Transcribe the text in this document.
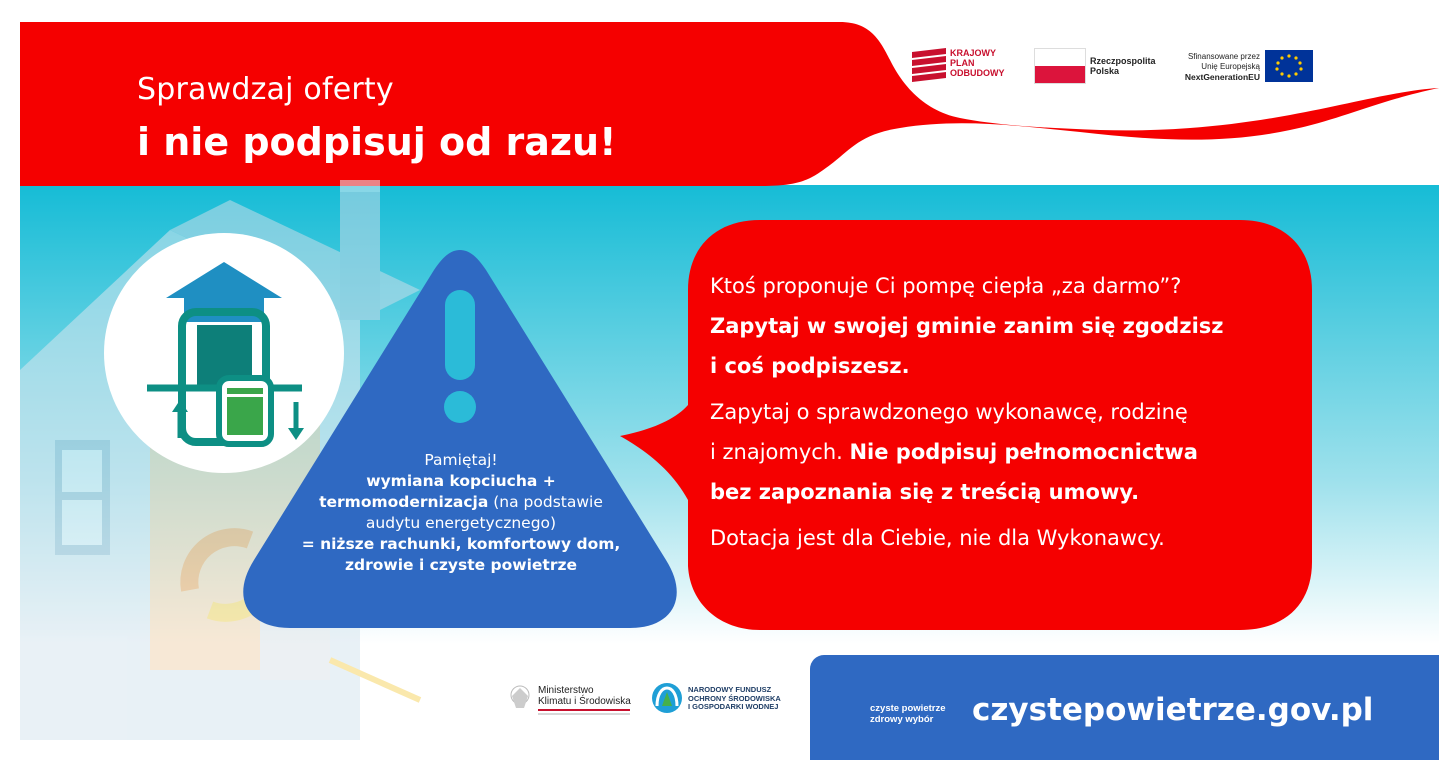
Sprawdzaj oferty
i nie podpisuj od razu!
KRAJOWY
PLAN
ODBUDOWY
Rzeczpospolita
Polska
Sfinansowane przez
Unię Europejską
NextGenerationEU

Ktoś proponuje Ci pompę ciepła „za darmo”?

Zapytaj w swojej gminie zanim się zgodzisz

i coś podpiszesz.

Zapytaj o sprawdzonego wykonawcę, rodzinę

i znajomych. Nie podpisuj pełnomocnictwa

bez zapoznania się z treścią umowy.

Dotacja jest dla Ciebie, nie dla Wykonawcy.

Pamiętaj!
wymiana kopciucha +
termomodernizacja (na podstawie
audytu energetycznego)
= niższe rachunki, komfortowy dom,
zdrowie i czyste powietrze
Ministerstwo
Klimatu i Środowiska
NARODOWY FUNDUSZ
OCHRONY ŚRODOWISKA
I GOSPODARKI WODNEJ	czyste powietrze
zdrowy wybór	czystepowietrze.gov.pl
